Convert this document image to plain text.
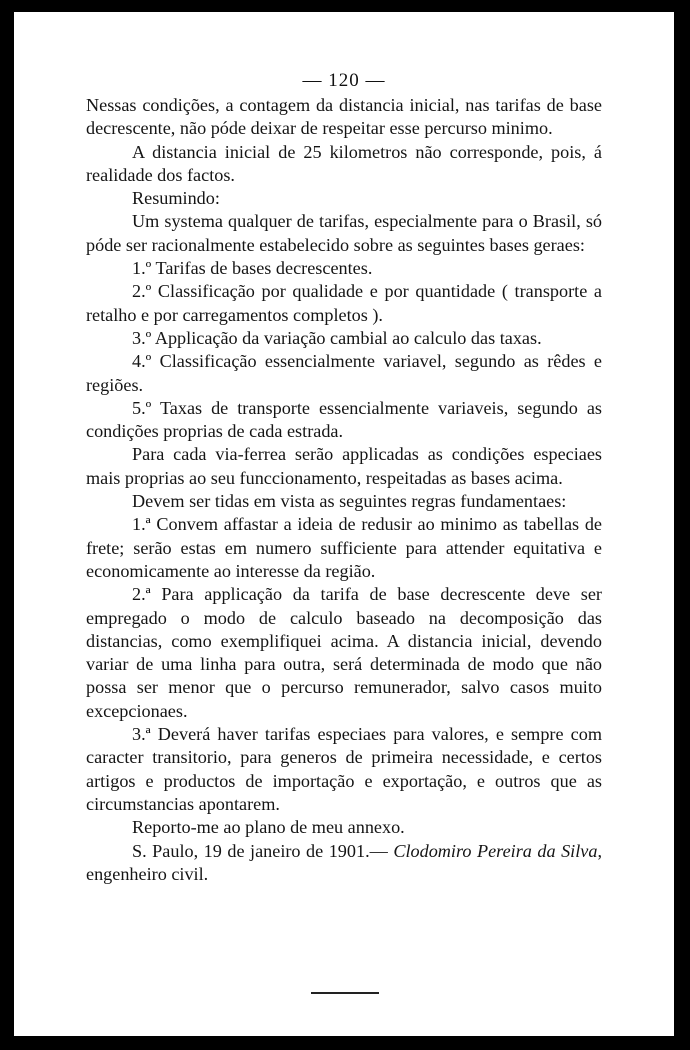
— 120 —

Nessas condições, a contagem da distancia inicial, nas tarifas de base decrescente, não póde deixar de respeitar esse percurso minimo.

A distancia inicial de 25 kilometros não corresponde, pois, á realidade dos factos.

Resumindo:

Um systema qualquer de tarifas, especialmente para o Brasil, só póde ser racionalmente estabelecido sobre as seguintes bases geraes:

1.º Tarifas de bases decrescentes.

2.º Classificação por qualidade e por quantidade ( transporte a retalho e por carregamentos completos ).

3.º Applicação da variação cambial ao calculo das taxas.

4.º Classificação essencialmente variavel, segundo as rêdes e regiões.

5.º Taxas de transporte essencialmente variaveis, segundo as condições proprias de cada estrada.

Para cada via-ferrea serão applicadas as condições especiaes mais proprias ao seu funccionamento, respeitadas as bases acima.

Devem ser tidas em vista as seguintes regras fundamentaes:

1.ª Convem affastar a ideia de redusir ao minimo as tabellas de frete; serão estas em numero sufficiente para attender equitativa e economicamente ao interesse da região.

2.ª Para applicação da tarifa de base decrescente deve ser empregado o modo de calculo baseado na decomposição das distancias, como exemplifiquei acima. A distancia inicial, devendo variar de uma linha para outra, será determinada de modo que não possa ser menor que o percurso remunerador, salvo casos muito excepcionaes.

3.ª Deverá haver tarifas especiaes para valores, e sempre com caracter transitorio, para generos de primeira necessidade, e certos artigos e productos de importação e exportação, e outros que as circumstancias apontarem.

Reporto-me ao plano de meu annexo.

S. Paulo, 19 de janeiro de 1901.— Clodomiro Pereira da Silva, engenheiro civil.
